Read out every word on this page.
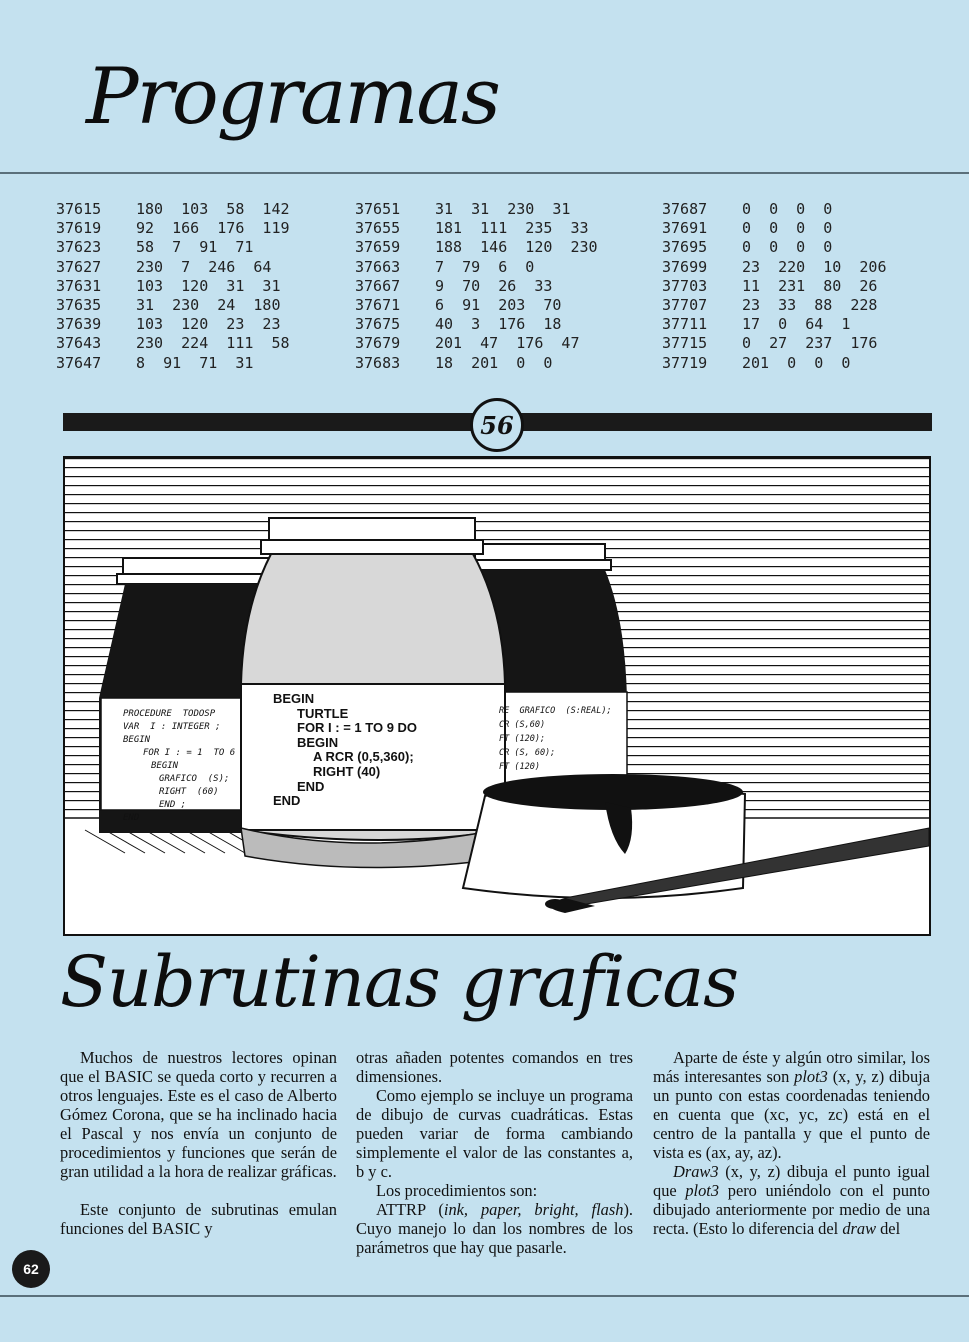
Programas
37615	180  103  58  142
37619	92  166  176  119
37623	58  7  91  71
37627	230  7  246  64
37631	103  120  31  31
37635	31  230  24  180
37639	103  120  23  23
37643	230  224  111  58
37647	8  91  71  31
37651	31  31  230  31
37655	181  111  235  33
37659	188  146  120  230
37663	7  79  6  0
37667	9  70  26  33
37671	6  91  203  70
37675	40  3  176  18
37679	201  47  176  47
37683	18  201  0  0
37687	0  0  0  0
37691	0  0  0  0
37695	0  0  0  0
37699	23  220  10  206
37703	11  231  80  26
37707	23  33  88  228
37711	17  0  64  1
37715	0  27  237  176
37719	201  0  0  0
56
PROCEDURE  TODOSP
VAR  I : INTEGER ;
BEGIN
FOR I : = 1  TO 6
BEGIN
GRAFICO  (S);
RIGHT  (60)
END ;
END
BEGIN
TURTLE
FOR I : = 1 TO 9 DO
BEGIN
A RCR (0,5,360);
RIGHT (40)
END
END
RE  GRAFICO  (S:REAL);
CR (S,60)
FT (120);
CR (S, 60);
FT (120)
Subrutinas graficas

Muchos de nuestros lectores opinan que el BASIC se queda corto y recurren a otros lenguajes. Este es el caso de Alberto Gómez Corona, que se ha inclinado hacia el Pascal y nos envía un conjunto de procedimientos y funciones que serán de gran utilidad a la hora de realizar gráficas.

Este conjunto de subrutinas emulan funciones del BASIC y

otras añaden potentes comandos en tres dimensiones.

Como ejemplo se incluye un programa de dibujo de curvas cuadráticas. Estas pueden variar de forma cambiando simplemente el valor de las constantes a, b y c.

Los procedimientos son:

ATTRP (ink, paper, bright, flash). Cuyo manejo lo dan los nombres de los parámetros que hay que pasarle.

Aparte de éste y algún otro similar, los más interesantes son plot3 (x, y, z) dibuja un punto con estas coordenadas teniendo en cuenta que (xc, yc, zc) está en el centro de la pantalla y que el punto de vista es (ax, ay, az).

Draw3 (x, y, z) dibuja el punto igual que plot3 pero uniéndolo con el punto dibujado anteriormente por medio de una recta. (Esto lo diferencia del draw del

62
